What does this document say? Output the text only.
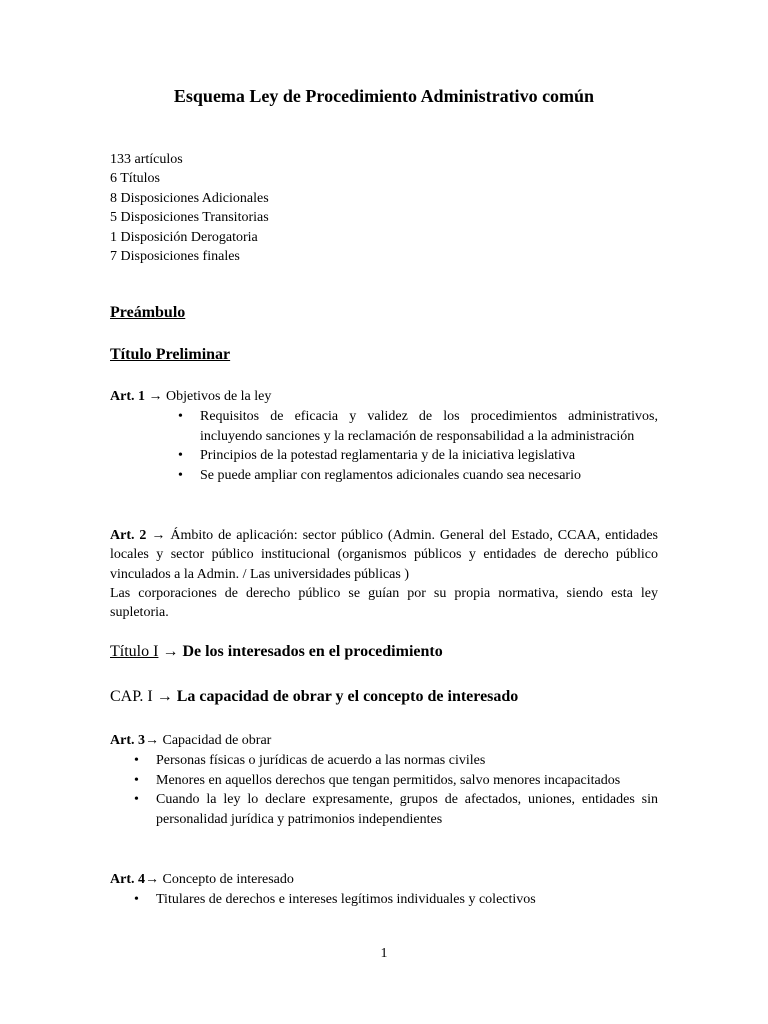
Esquema Ley de Procedimiento Administrativo común
133 artículos
6 Títulos
8 Disposiciones Adicionales
5 Disposiciones Transitorias
1 Disposición Derogatoria
7 Disposiciones finales
Preámbulo
Título Preliminar
Art. 1 → Objetivos de la ley
• Requisitos de eficacia y validez de los procedimientos administrativos, incluyendo sanciones y la reclamación de responsabilidad a la administración
• Principios de la potestad reglamentaria y de la iniciativa legislativa
• Se puede ampliar con reglamentos adicionales cuando sea necesario
Art. 2 → Ámbito de aplicación: sector público (Admin. General del Estado, CCAA, entidades locales y sector público institucional (organismos públicos y entidades de derecho público vinculados a la Admin. / Las universidades públicas )
Las corporaciones de derecho público se guían por su propia normativa, siendo esta ley supletoria.
Título I → De los interesados en el procedimiento
CAP. I → La capacidad de obrar y el concepto de interesado
Art. 3→ Capacidad de obrar
• Personas físicas o jurídicas de acuerdo a las normas civiles
• Menores en aquellos derechos que tengan permitidos, salvo menores incapacitados
• Cuando la ley lo declare expresamente, grupos de afectados, uniones, entidades sin personalidad jurídica y patrimonios independientes
Art. 4→ Concepto de interesado
• Titulares de derechos e intereses legítimos individuales y colectivos
1
